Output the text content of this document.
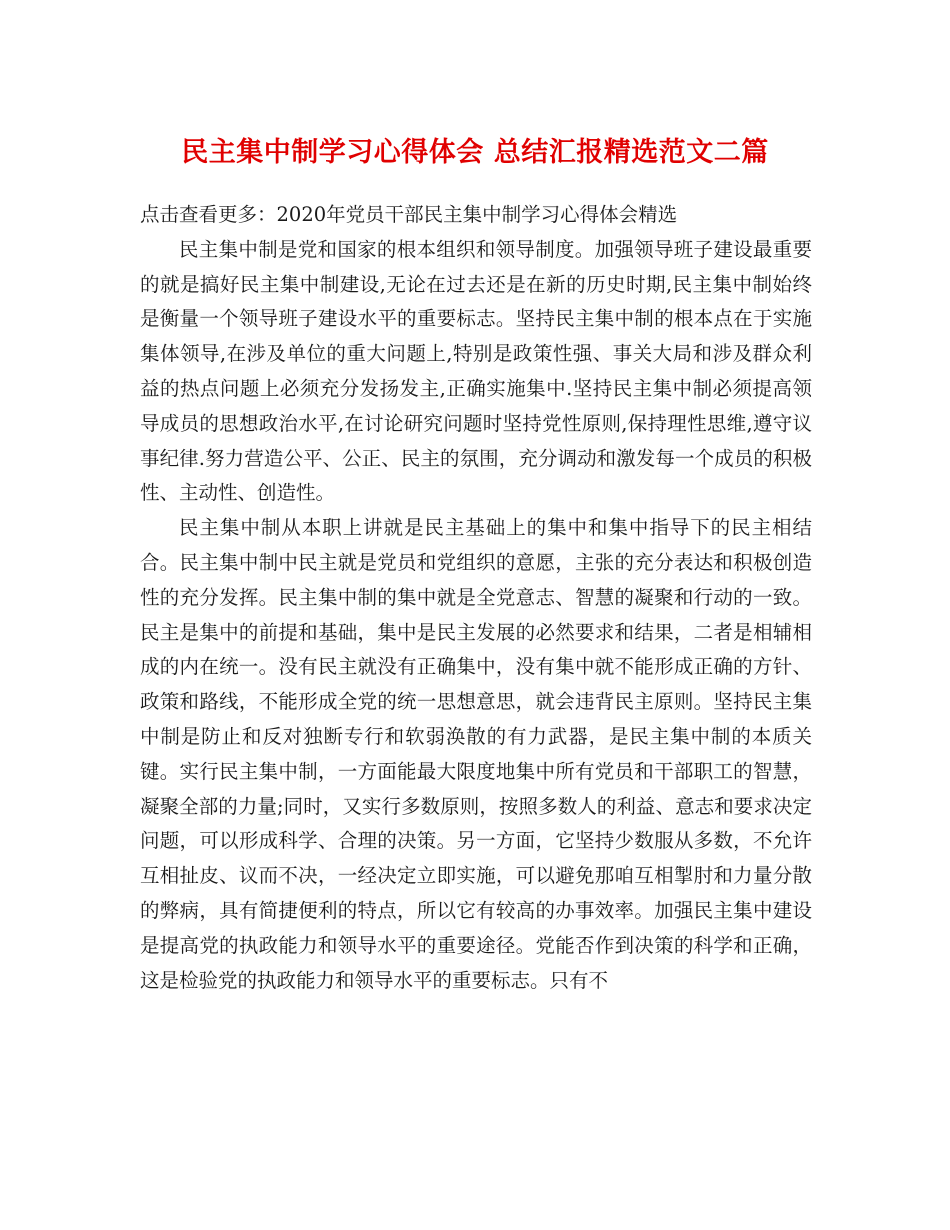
民主集中制学习心得体会 总结汇报精选范文二篇

点击查看更多：2020年党员干部民主集中制学习心得体会精选

民主集中制是党和国家的根本组织和领导制度。加强领导班子建设最重要的就是搞好民主集中制建设,无论在过去还是在新的历史时期,民主集中制始终是衡量一个领导班子建设水平的重要标志。坚持民主集中制的根本点在于实施集体领导,在涉及单位的重大问题上,特别是政策性强、事关大局和涉及群众利益的热点问题上必须充分发扬发主,正确实施集中.坚持民主集中制必须提高领导成员的思想政治水平,在讨论研究问题时坚持党性原则,保持理性思维,遵守议事纪律.努力营造公平、公正、民主的氛围，充分调动和激发每一个成员的积极性、主动性、创造性。

民主集中制从本职上讲就是民主基础上的集中和集中指导下的民主相结合。民主集中制中民主就是党员和党组织的意愿，主张的充分表达和积极创造性的充分发挥。民主集中制的集中就是全党意志、智慧的凝聚和行动的一致。民主是集中的前提和基础，集中是民主发展的必然要求和结果，二者是相辅相成的内在统一。没有民主就没有正确集中，没有集中就不能形成正确的方针、政策和路线，不能形成全党的统一思想意思，就会违背民主原则。坚持民主集中制是防止和反对独断专行和软弱涣散的有力武器，是民主集中制的本质关键。实行民主集中制，一方面能最大限度地集中所有党员和干部职工的智慧，凝聚全部的力量;同时，又实行多数原则，按照多数人的利益、意志和要求决定问题，可以形成科学、合理的决策。另一方面，它坚持少数服从多数，不允许互相扯皮、议而不决，一经决定立即实施，可以避免那咱互相掣肘和力量分散的弊病，具有简捷便利的特点，所以它有较高的办事效率。加强民主集中建设是提高党的执政能力和领导水平的重要途径。党能否作到决策的科学和正确，这是检验党的执政能力和领导水平的重要标志。只有不
